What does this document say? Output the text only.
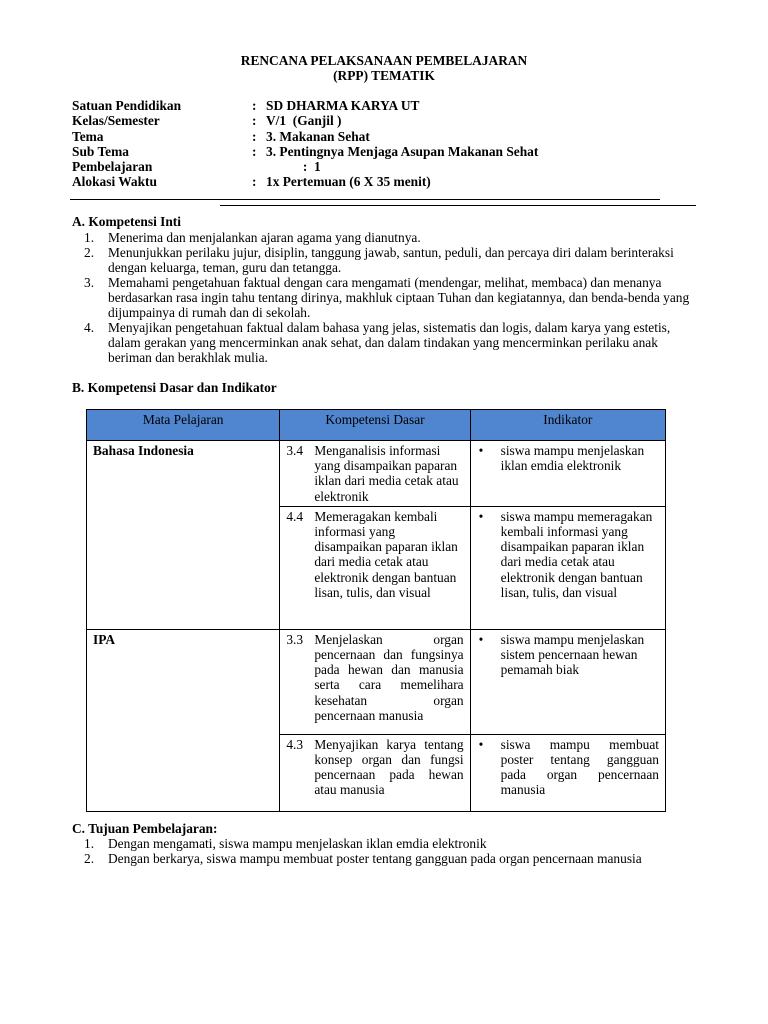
RENCANA PELAKSANAAN PEMBELAJARAN
(RPP) TEMATIK
Satuan Pendidikan	: SD DHARMA KARYA UT
Kelas/Semester	: V/1  (Ganjil )
Tema	: 3. Makanan Sehat
Sub Tema	: 3. Pentingnya Menjaga Asupan Makanan Sehat
Pembelajaran	:  1
Alokasi Waktu	: 1x Pertemuan (6 X 35 menit)
A. Kompetensi Inti
1.	Menerima dan menjalankan ajaran agama yang dianutnya.
2.	Menunjukkan perilaku jujur, disiplin, tanggung jawab, santun, peduli, dan percaya diri dalam berinteraksi dengan keluarga, teman, guru dan tetangga.
3.	Memahami pengetahuan faktual dengan cara mengamati (mendengar, melihat, membaca) dan menanya berdasarkan rasa ingin tahu tentang dirinya, makhluk ciptaan Tuhan dan kegiatannya, dan benda-benda yang dijumpainya di rumah dan di sekolah.
4.	Menyajikan pengetahuan faktual dalam bahasa yang jelas, sistematis dan logis, dalam karya yang estetis, dalam gerakan yang mencerminkan anak sehat, dan dalam tindakan yang mencerminkan perilaku anak beriman dan berakhlak mulia.
B. Kompetensi Dasar dan Indikator
Mata Pelajaran	Kompetensi Dasar	Indikator
Bahasa Indonesia	3.4 Menganalisis informasi yang disampaikan paparan iklan dari media cetak atau elektronik	• siswa mampu menjelaskan iklan emdia elektronik

	4.4 Memeragakan kembali informasi yang disampaikan paparan iklan dari media cetak atau elektronik dengan bantuan lisan, tulis, dan visual	• siswa mampu memeragakan kembali informasi yang disampaikan paparan iklan dari media cetak atau elektronik dengan bantuan lisan, tulis, dan visual

IPA	3.3 Menjelaskan organ pencernaan dan fungsinya pada hewan dan manusia serta cara memelihara kesehatan organ pencernaan manusia	• siswa mampu menjelaskan sistem pencernaan hewan pemamah biak

	4.3 Menyajikan karya tentang konsep organ dan fungsi pencernaan pada hewan atau manusia	• siswa mampu membuat poster tentang gangguan pada organ pencernaan manusia
C. Tujuan Pembelajaran:
1.	Dengan mengamati, siswa mampu menjelaskan iklan emdia elektronik
2.	Dengan berkarya, siswa mampu membuat poster tentang gangguan pada organ pencernaan manusia
